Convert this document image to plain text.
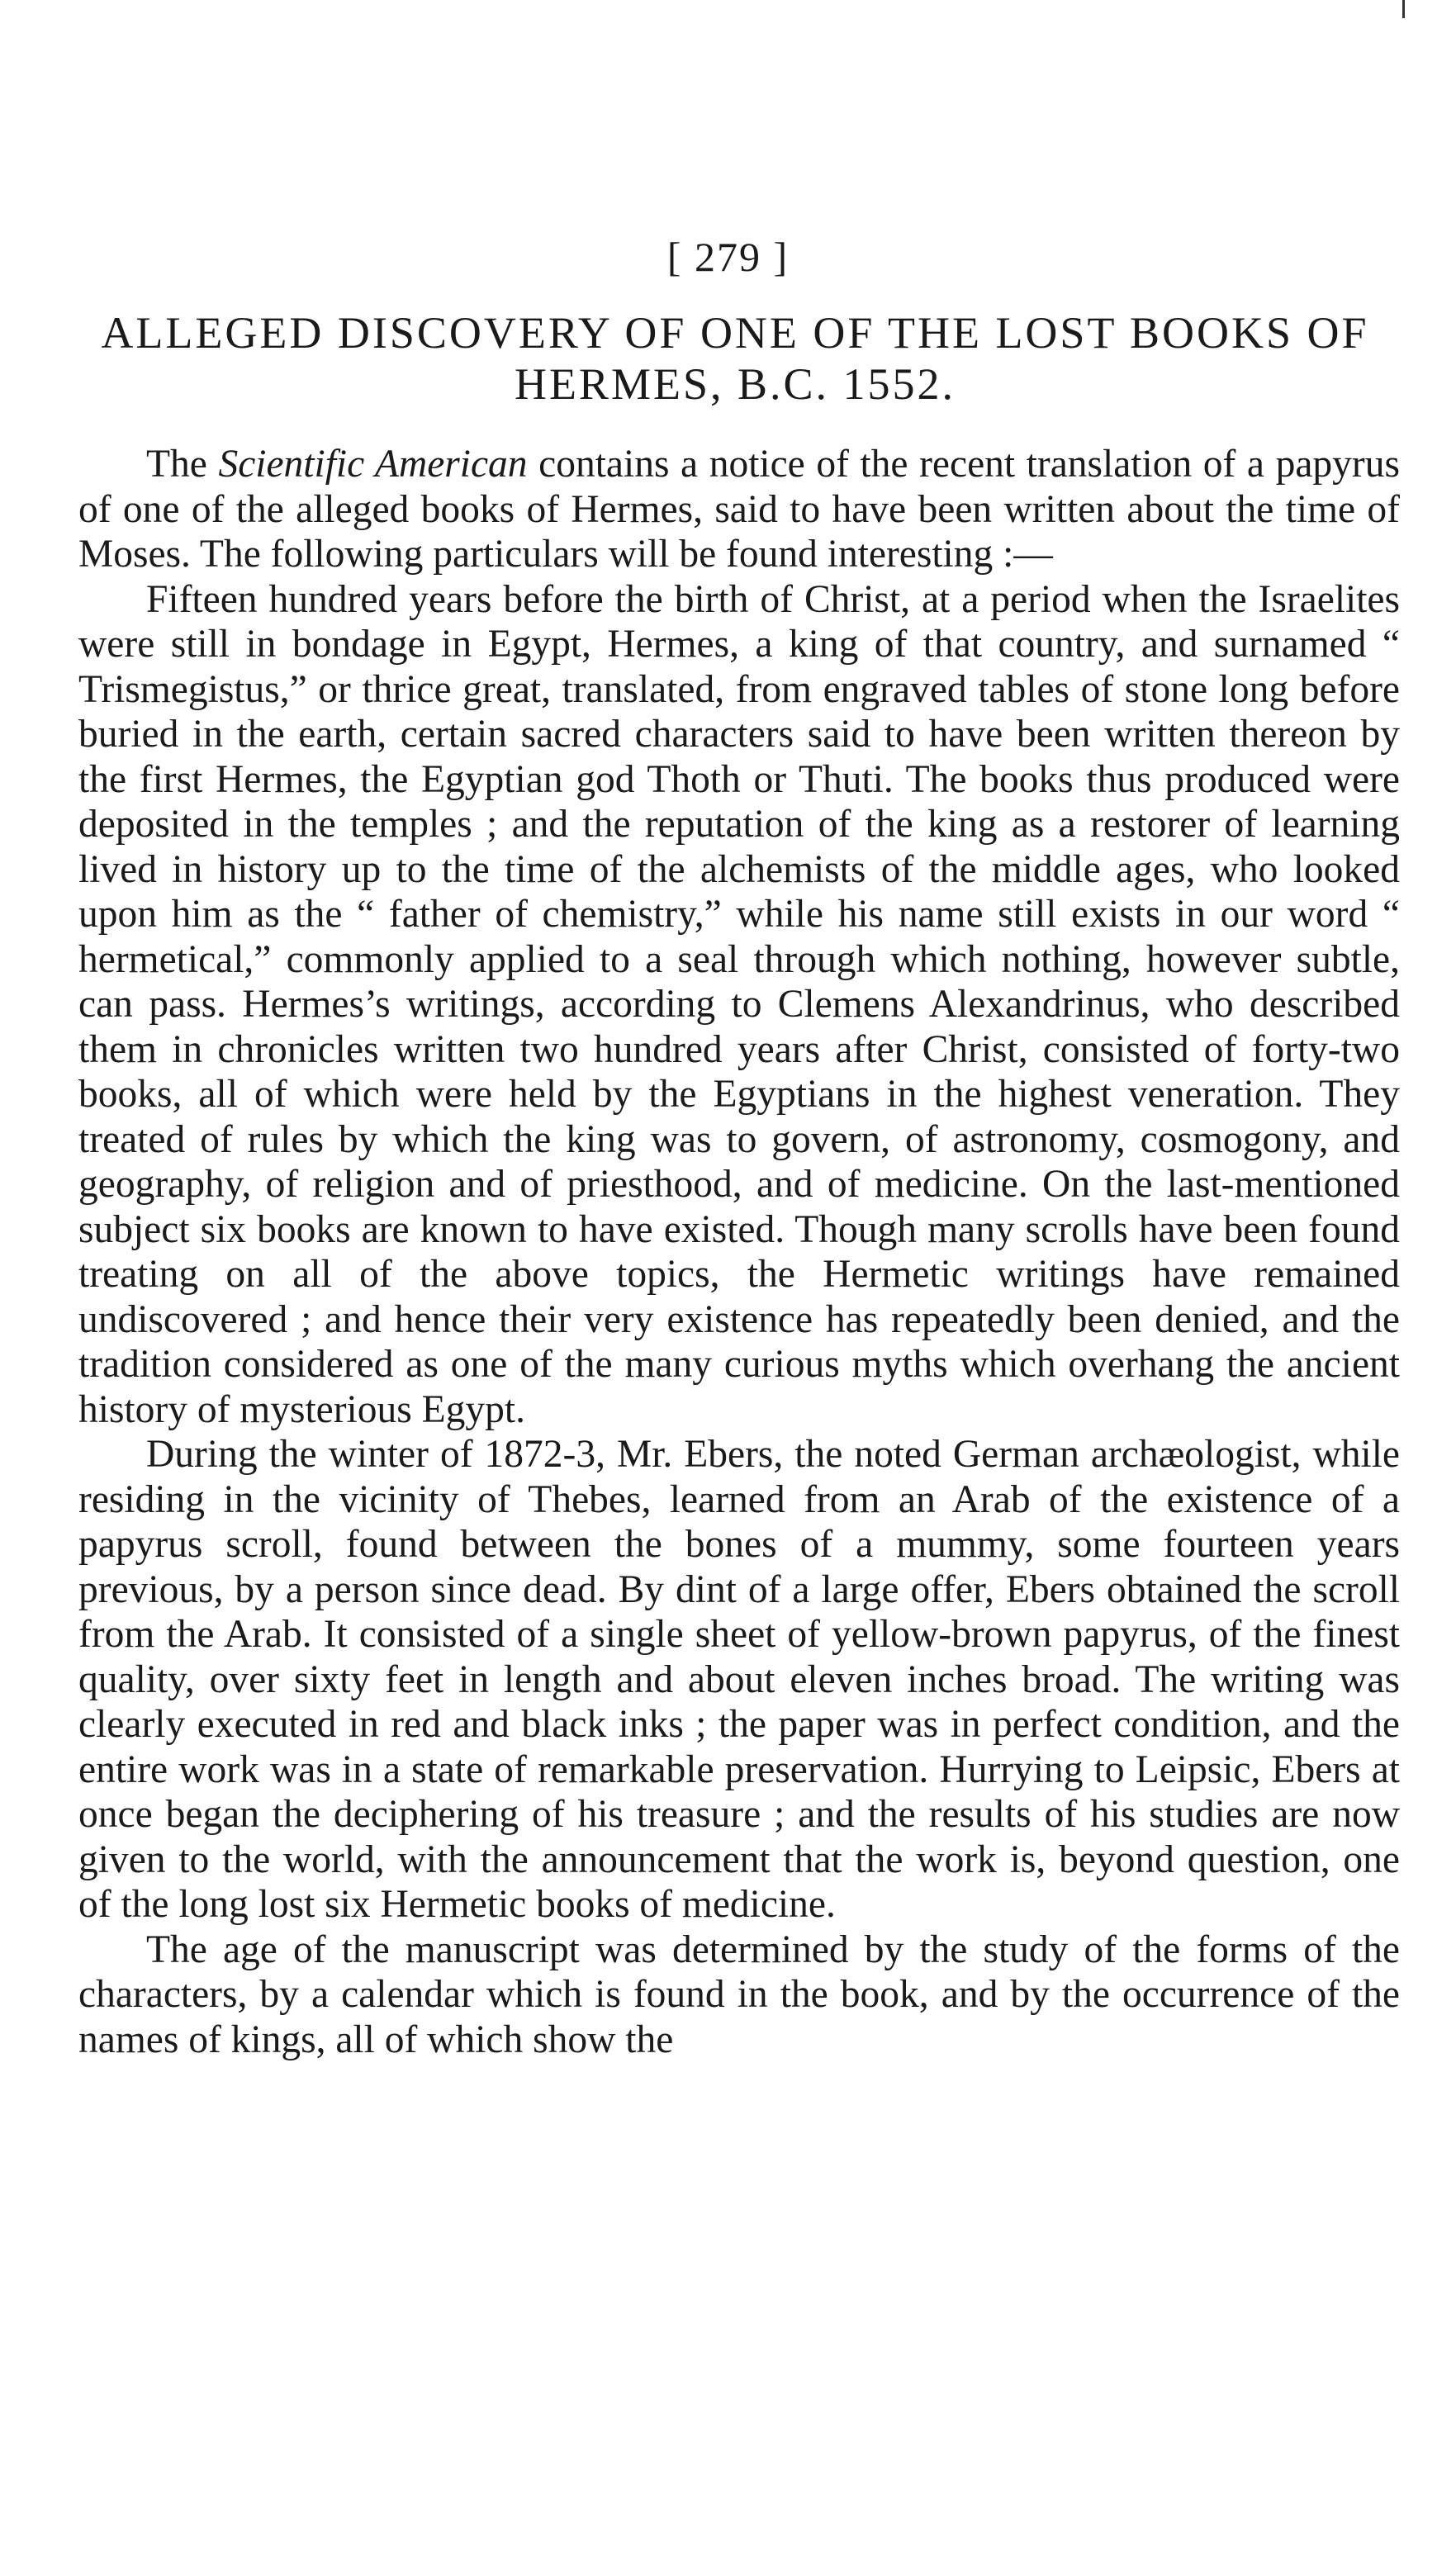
[ 279 ]
ALLEGED DISCOVERY OF ONE OF THE LOST BOOKS OF HERMES, B.C. 1552.

The Scientific American contains a notice of the recent translation of a papyrus of one of the alleged books of Hermes, said to have been written about the time of Moses. The following particulars will be found interesting :—

Fifteen hundred years before the birth of Christ, at a period when the Israelites were still in bondage in Egypt, Hermes, a king of that country, and surnamed “ Trismegistus,” or thrice great, translated, from engraved tables of stone long before buried in the earth, certain sacred characters said to have been written thereon by the first Hermes, the Egyptian god Thoth or Thuti. The books thus produced were deposited in the temples ; and the reputation of the king as a restorer of learning lived in history up to the time of the alchemists of the middle ages, who looked upon him as the “ father of chemistry,” while his name still exists in our word “ hermetical,” commonly applied to a seal through which nothing, however subtle, can pass. Hermes’s writings, according to Clemens Alexandrinus, who described them in chronicles written two hundred years after Christ, consisted of forty-two books, all of which were held by the Egyptians in the highest veneration. They treated of rules by which the king was to govern, of astronomy, cosmogony, and geography, of religion and of priesthood, and of medicine. On the last-mentioned subject six books are known to have existed. Though many scrolls have been found treating on all of the above topics, the Hermetic writings have remained undiscovered ; and hence their very existence has repeatedly been denied, and the tradition considered as one of the many curious myths which overhang the ancient history of mysterious Egypt.

During the winter of 1872-3, Mr. Ebers, the noted German archæologist, while residing in the vicinity of Thebes, learned from an Arab of the existence of a papyrus scroll, found between the bones of a mummy, some fourteen years previous, by a person since dead. By dint of a large offer, Ebers obtained the scroll from the Arab. It consisted of a single sheet of yellow-brown papyrus, of the finest quality, over sixty feet in length and about eleven inches broad. The writing was clearly executed in red and black inks ; the paper was in perfect condition, and the entire work was in a state of remarkable preservation. Hurrying to Leipsic, Ebers at once began the deciphering of his treasure ; and the results of his studies are now given to the world, with the announcement that the work is, beyond question, one of the long lost six Hermetic books of medicine.

The age of the manuscript was determined by the study of the forms of the characters, by a calendar which is found in the book, and by the occurrence of the names of kings, all of which show the
